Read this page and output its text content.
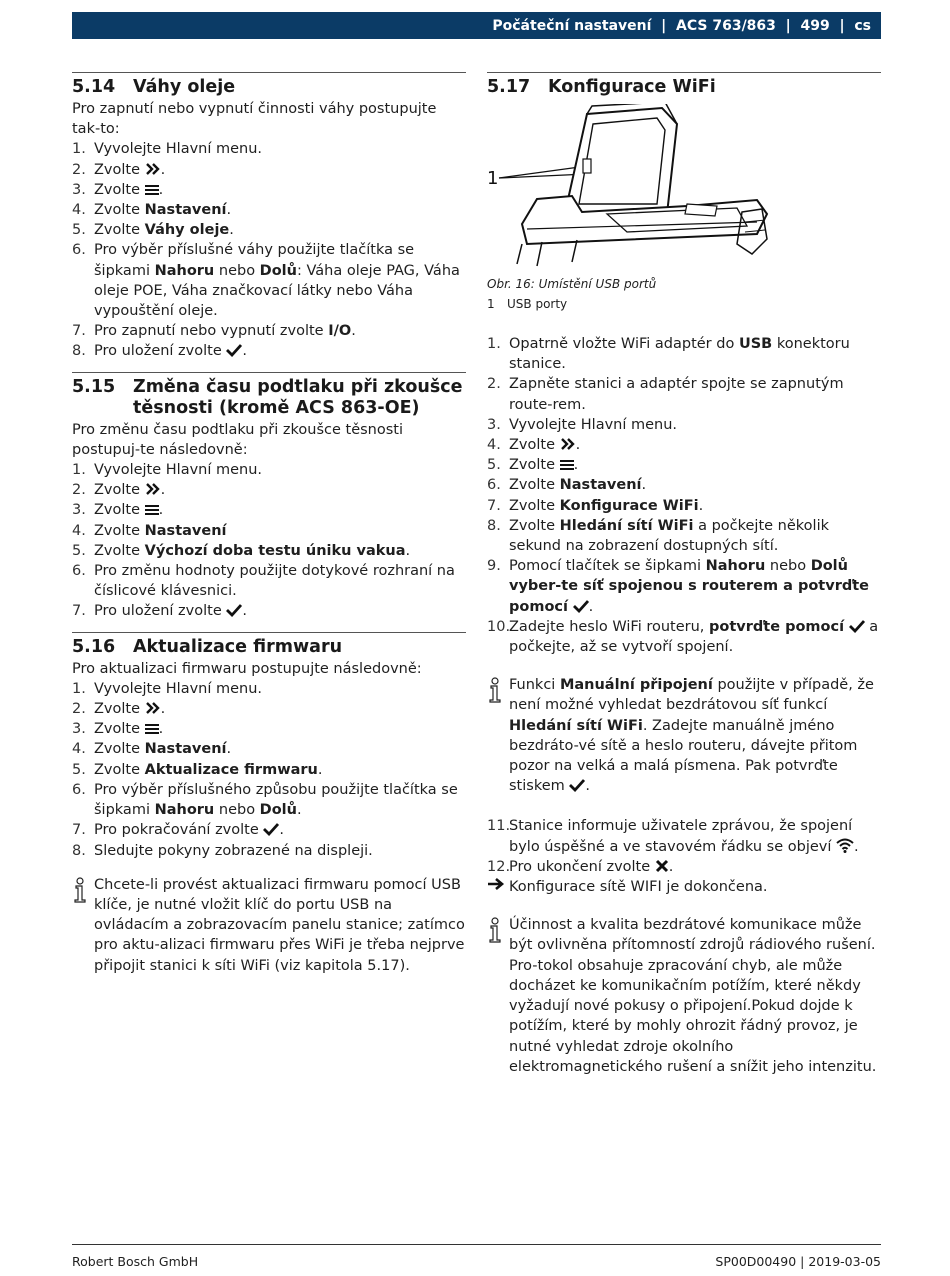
Počáteční nastavení | ACS 763/863 | 499 | cs
5.14	Váhy oleje

Pro zapnutí nebo vypnutí činnosti váhy postupujte tak-to:

1. Vyvolejte Hlavní menu.
2. Zvolte .
3. Zvolte .
4. Zvolte Nastavení.
5. Zvolte Váhy oleje.
6. Pro výběr příslušné váhy použijte tlačítka se šipkami Nahoru nebo Dolů: Váha oleje PAG, Váha oleje POE, Váha značkovací látky nebo Váha vypouštění oleje.
7. Pro zapnutí nebo vypnutí zvolte I/O.
8. Pro uložení zvolte .
5.15	Změna času podtlaku při zkoušce těsnosti (kromě ACS 863-OE)

Pro změnu času podtlaku při zkoušce těsnosti postupuj-te následovně:

1. Vyvolejte Hlavní menu.
2. Zvolte .
3. Zvolte .
4. Zvolte Nastavení
5. Zvolte Výchozí doba testu úniku vakua.
6. Pro změnu hodnoty použijte dotykové rozhraní na číslicové klávesnici.
7. Pro uložení zvolte .
5.16	Aktualizace firmwaru

Pro aktualizaci firmwaru postupujte následovně:

1. Vyvolejte Hlavní menu.
2. Zvolte .
3. Zvolte .
4. Zvolte Nastavení.
5. Zvolte Aktualizace firmwaru.
6. Pro výběr příslušného způsobu použijte tlačítka se šipkami Nahoru nebo Dolů.
7. Pro pokračování zvolte .
8. Sledujte pokyny zobrazené na displeji.
Chcete-li provést aktualizaci firmwaru pomocí USB klíče, je nutné vložit klíč do portu USB na ovládacím a zobrazovacím panelu stanice; zatímco pro aktu-alizaci firmwaru přes WiFi je třeba nejprve připojit stanici k síti WiFi (viz kapitola 5.17).
5.17	Konfigurace WiFi
1
Obr. 16: Umístění USB portů
1	USB porty
1. Opatrně vložte WiFi adaptér do USB konektoru stanice.
2. Zapněte stanici a adaptér spojte se zapnutým route-rem.
3. Vyvolejte Hlavní menu.
4. Zvolte .
5. Zvolte .
6. Zvolte Nastavení.
7. Zvolte Konfigurace WiFi.
8. Zvolte Hledání sítí WiFi a počkejte několik sekund na zobrazení dostupných sítí.
9. Pomocí tlačítek se šipkami Nahoru nebo Dolů vyber-te síť spojenou s routerem a potvrďte pomocí .
10.
Zadejte heslo WiFi routeru, potvrďte pomocí  a počkejte, až se vytvoří spojení.
Funkci Manuální připojení použijte v případě, že není možné vyhledat bezdrátovou síť funkcí Hledání sítí WiFi. Zadejte manuálně jméno bezdráto-vé sítě a heslo routeru, dávejte přitom pozor na velká a malá písmena. Pak potvrďte stiskem .
11.
Stanice informuje uživatele zprávou, že spojení bylo úspěšné a ve stavovém řádku se objeví .
12.
Pro ukončení zvolte .
Konfigurace sítě WIFI je dokončena.
Účinnost a kvalita bezdrátové komunikace může být ovlivněna přítomností zdrojů rádiového rušení. Pro-tokol obsahuje zpracování chyb, ale může docházet ke komunikačním potížím, které někdy vyžadují nové pokusy o připojení.Pokud dojde k potížím, které by mohly ohrozit řádný provoz, je nutné vyhledat zdroje okolního elektromagnetického rušení a snížit jeho intenzitu.
Robert Bosch GmbH	SP00D00490 | 2019-03-05
